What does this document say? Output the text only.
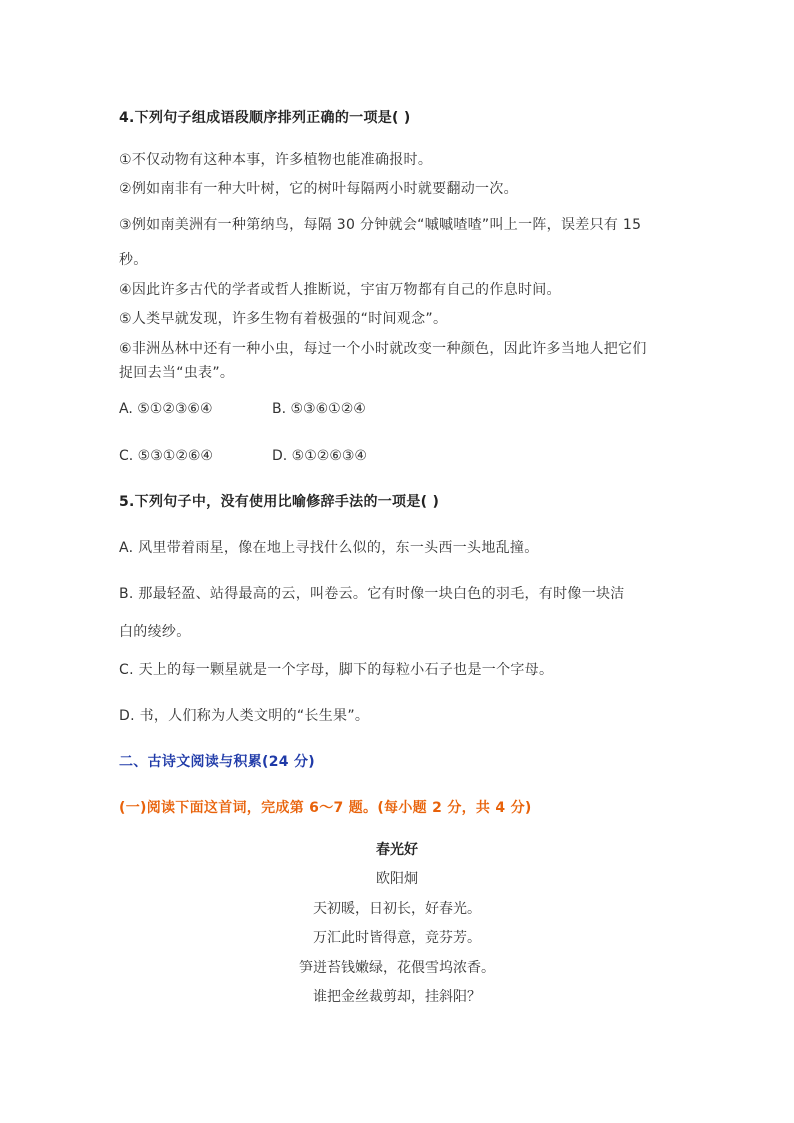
4.下列句子组成语段顺序排列正确的一项是( )
①不仅动物有这种本事，许多植物也能准确报时。
②例如南非有一种大叶树，它的树叶每隔两小时就要翻动一次。
③例如南美洲有一种第纳鸟，每隔 30 分钟就会“嘁嘁喳喳”叫上一阵，误差只有 15
秒。
④因此许多古代的学者或哲人推断说，宇宙万物都有自己的作息时间。
⑤人类早就发现，许多生物有着极强的“时间观念”。
⑥非洲丛林中还有一种小虫，每过一个小时就改变一种颜色，因此许多当地人把它们
捉回去当“虫表”。
A. ⑤①②③⑥④	B. ⑤③⑥①②④
C. ⑤③①②⑥④	D. ⑤①②⑥③④
5.下列句子中，没有使用比喻修辞手法的一项是( )
A. 风里带着雨星，像在地上寻找什么似的，东一头西一头地乱撞。
B. 那最轻盈、站得最高的云，叫卷云。它有时像一块白色的羽毛，有时像一块洁
白的绫纱。
C. 天上的每一颗星就是一个字母，脚下的每粒小石子也是一个字母。
D. 书，人们称为人类文明的“长生果”。
二、古诗文阅读与积累(24 分)
(一)阅读下面这首词，完成第 6～7 题。(每小题 2 分，共 4 分)
春光好
欧阳炯
天初暖，日初长，好春光。
万汇此时皆得意，竞芬芳。
笋迸苔钱嫩绿，花偎雪坞浓香。
谁把金丝裁剪却，挂斜阳？
